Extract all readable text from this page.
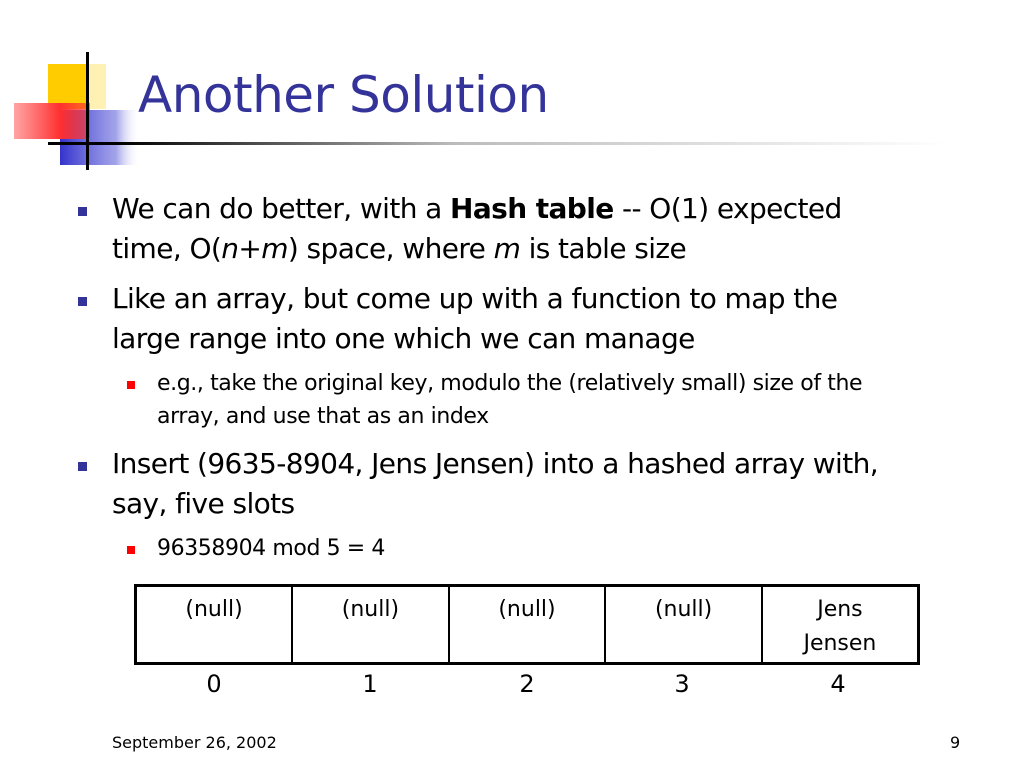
Another Solution
We can do better, with a Hash table -- O(1) expected
time, O(n+m) space, where m is table size
Like an array, but come up with a function to map the
large range into one which we can manage
e.g., take the original key, modulo the (relatively small) size of the
array, and use that as an index
Insert (9635-8904, Jens Jensen) into a hashed array with,
say, five slots
96358904 mod 5 = 4
(null)	(null)	(null)	(null)	Jens Jensen
0	1	2	3	4
September 26, 2002	9
